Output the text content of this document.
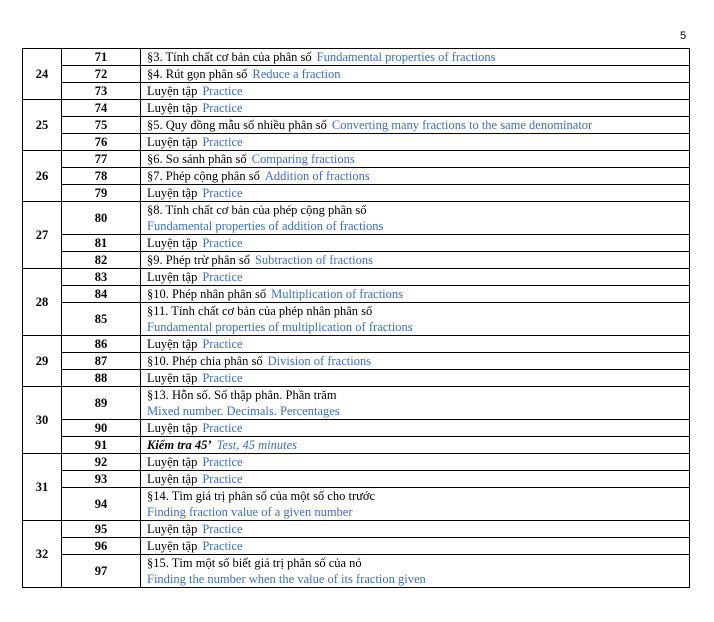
5
24	71	§3. Tính chất cơ bản của phân số Fundamental properties of fractions
	72	§4. Rút gọn phân số Reduce a fraction
	73	Luyện tập Practice
25	74	Luyện tập Practice
	75	§5. Quy đồng mẫu số nhiều phân số Converting many fractions to the same denominator
	76	Luyện tập Practice
26	77	§6. So sánh phân số Comparing fractions
	78	§7. Phép cộng phân số Addition of fractions
	79	Luyện tập Practice
27	80	§8. Tính chất cơ bản của phép cộng phân số
Fundamental properties of addition of fractions
	81	Luyện tập Practice
	82	§9. Phép trừ phân số Subtraction of fractions
28	83	Luyện tập Practice
	84	§10. Phép nhân phân số Multiplication of fractions
	85	§11. Tính chất cơ bản của phép nhân phân số
Fundamental properties of multiplication of fractions
29	86	Luyện tập Practice
	87	§10. Phép chia phân số Division of fractions
	88	Luyện tập Practice
30	89	§13. Hỗn số. Số thập phân. Phần trăm
Mixed number. Decimals. Percentages
	90	Luyện tập Practice
	91	Kiểm tra 45’ Test, 45 minutes
31	92	Luyện tập Practice
	93	Luyện tập Practice
	94	§14. Tìm giá trị phân số của một số cho trước
Finding fraction value of a given number
32	95	Luyện tập Practice
	96	Luyện tập Practice
	97	§15. Tìm một số biết giá trị phân số của nó
Finding the number when the value of its fraction given
